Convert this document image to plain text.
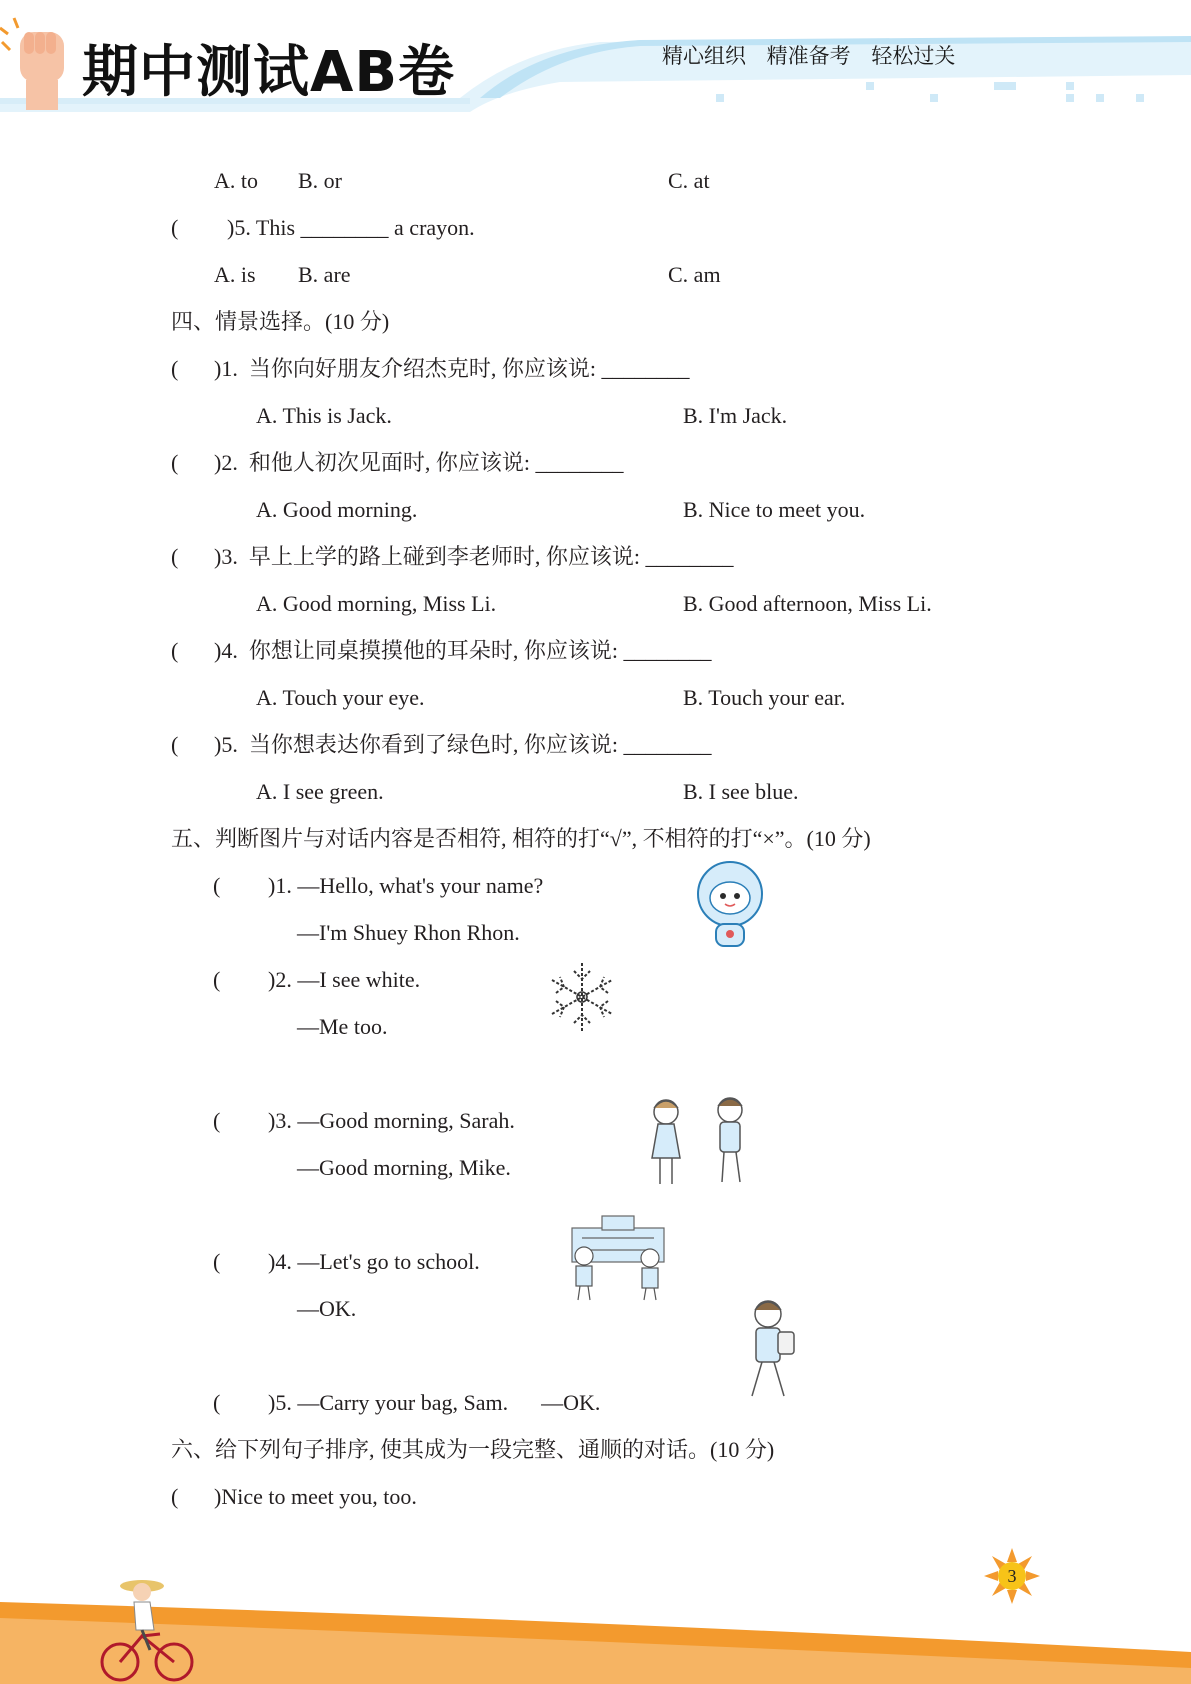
期中测试AB卷	精心组织 精准备考 轻松过关
A. to B. or	C. at
( )5. This ________ a crayon.
A. is B. are	C. am
四、情景选择。(10 分)
( )1.  当你向好朋友介绍杰克时, 你应该说: ________
A. This is Jack.	B. I'm Jack.
( )2.  和他人初次见面时, 你应该说: ________
A. Good morning.	B. Nice to meet you.
( )3.  早上上学的路上碰到李老师时, 你应该说: ________
A. Good morning, Miss Li.	B. Good afternoon, Miss Li.
( )4.  你想让同桌摸摸他的耳朵时, 你应该说: ________
A. Touch your eye.	B. Touch your ear.
( )5.  当你想表达你看到了绿色时, 你应该说: ________
A. I see green.	B. I see blue.
五、判断图片与对话内容是否相符, 相符的打“√”, 不相符的打“×”。(10 分)
( )1. —Hello, what's your name?
—I'm Shuey Rhon Rhon.
( )2. —I see white.
—Me too.
( )3. —Good morning, Sarah.
—Good morning, Mike.
( )4. —Let's go to school.
—OK.
( )5. —Carry your bag, Sam.      —OK.
六、给下列句子排序, 使其成为一段完整、通顺的对话。(10 分)
( )Nice to meet you, too.
3
